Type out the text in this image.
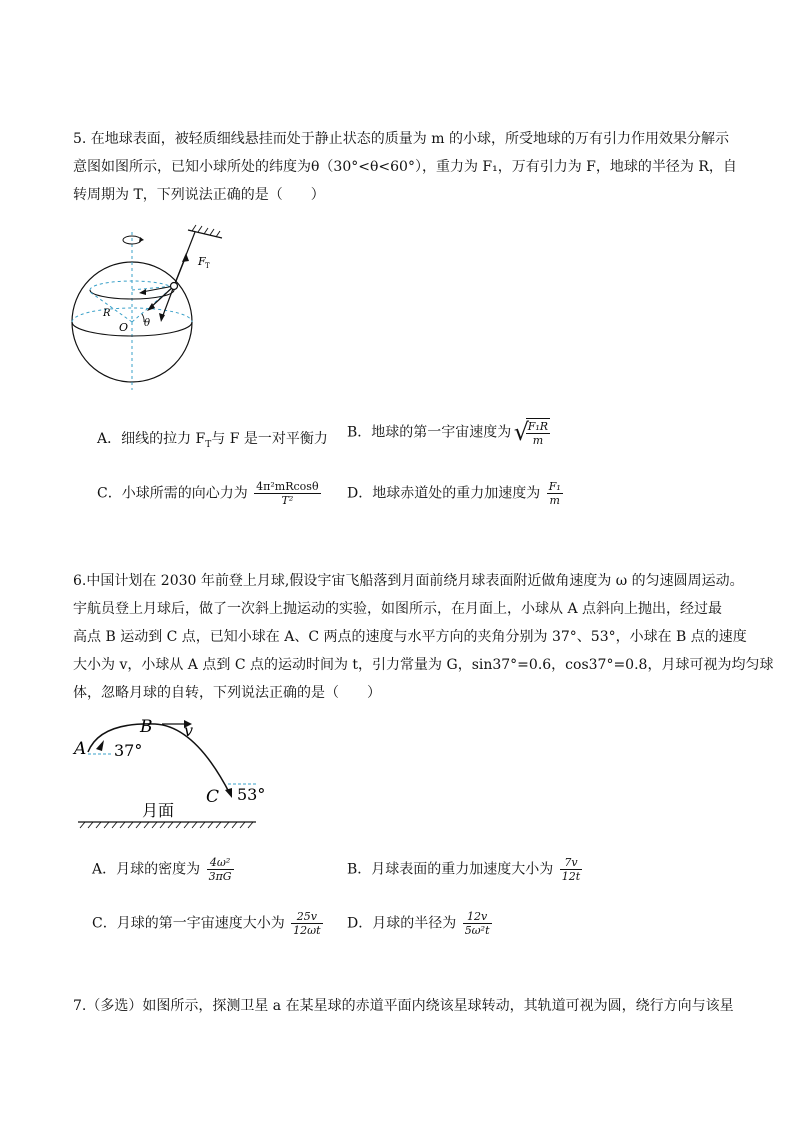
5. 在地球表面，被轻质细线悬挂而处于静止状态的质量为 m 的小球，所受地球的万有引力作用效果分解示
意图如图所示，已知小球所处的纬度为θ（30°<θ<60°），重力为 F₁，万有引力为 F，地球的半径为 R，自
转周期为 T，下列说法正确的是（　　）
F T
R
O θ
A．细线的拉力 $F_T$与 F 是一对平衡力 B．地球的第一宇宙速度为
√ $\frac{\text{F₁R}}{m}$
C．小球所需的向心力为 $\frac{\text{4π²mRcosθ}}{\text{T²}}$ D．地球赤道处的重力加速度为 $\frac{\text{F₁}}{m}$
6.中国计划在 2030 年前登上月球,假设宇宙飞船落到月面前绕月球表面附近做角速度为 ω 的匀速圆周运动。
宇航员登上月球后，做了一次斜上抛运动的实验，如图所示，在月面上，小球从 A 点斜向上抛出，经过最
高点 B 运动到 C 点，已知小球在 A、C 两点的速度与水平方向的夹角分别为 37°、53°，小球在 B 点的速度
大小为 v，小球从 A 点到 C 点的运动时间为 t，引力常量为 G，sin37°=0.6，cos37°=0.8，月球可视为均匀球
体，忽略月球的自转，下列说法正确的是（　　）
A 37°
B v
C 53°
月面
A．月球的密度为 $\frac{\text{4ω²}}{3\pi G}$	B．月球表面的重力加速度大小为 $\frac{7v}{12t}$
C．月球的第一宇宙速度大小为 $\frac{25v}{12\omega t}$ D．月球的半径为 $\frac{12v}{\text{5ω²t}}$
7.（多选）如图所示，探测卫星 a 在某星球的赤道平面内绕该星球转动，其轨道可视为圆，绕行方向与该星
